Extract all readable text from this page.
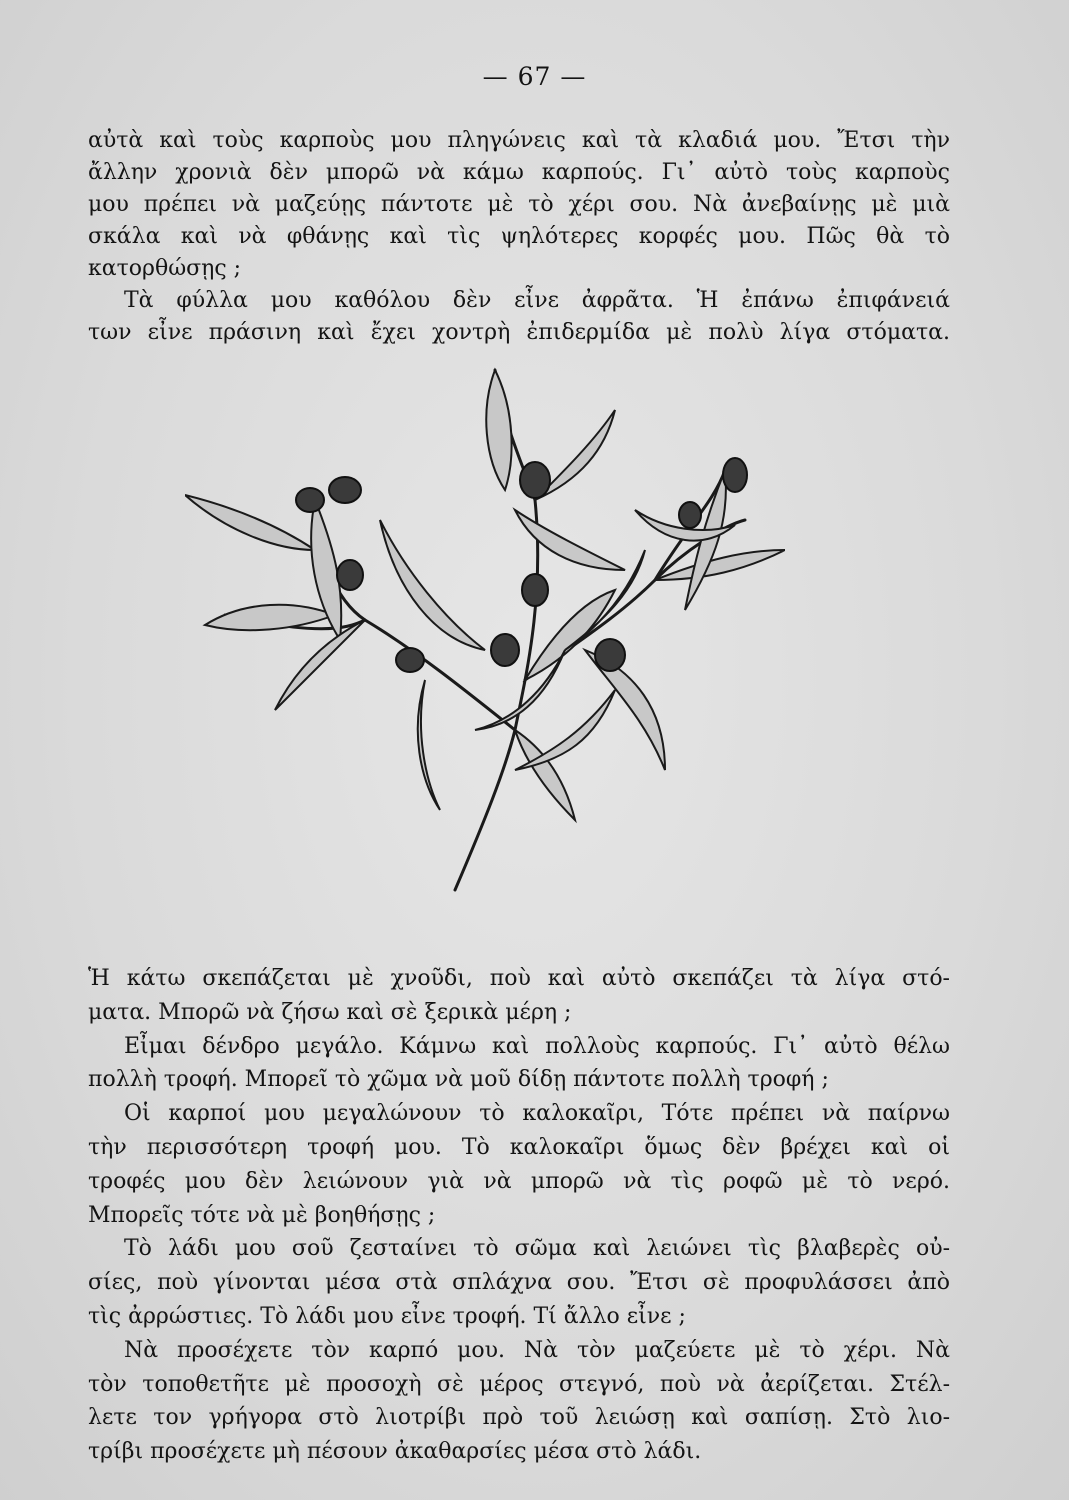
— 67 —
αὐτὰ καὶ τοὺς καρποὺς μου πληγώνεις καὶ τὰ κλαδιά μου. Ἔτσι τὴν
ἄλλην χρονιὰ δὲν μπορῶ νὰ κάμω καρπούς. Γι᾽ αὐτὸ τοὺς καρποὺς
μου πρέπει νὰ μαζεύῃς πάντοτε μὲ τὸ χέρι σου. Νὰ ἀνεβαίνῃς μὲ μιὰ
σκάλα καὶ νὰ φθάνῃς καὶ τὶς ψηλότερες κορφές μου. Πῶς θὰ τὸ
κατορθώσῃς ;
Τὰ φύλλα μου καθόλου δὲν εἶνε ἀφρᾶτα. Ἡ ἐπάνω ἐπιφάνειά
των εἶνε πράσινη καὶ ἔχει χοντρὴ ἐπιδερμίδα μὲ πολὺ λίγα στόματα.
Ἡ κάτω σκεπάζεται μὲ χνοῦδι, ποὺ καὶ αὐτὸ σκεπάζει τὰ λίγα στό-
ματα. Μπορῶ νὰ ζήσω καὶ σὲ ξερικὰ μέρη ;
Εἶμαι δένδρο μεγάλο. Κάμνω καὶ πολλοὺς καρπούς. Γι᾽ αὐτὸ θέλω
πολλὴ τροφή. Μπορεῖ τὸ χῶμα νὰ μοῦ δίδῃ πάντοτε πολλὴ τροφή ;
Οἱ καρποί μου μεγαλώνουν τὸ καλοκαῖρι, Τότε πρέπει νὰ παίρνω
τὴν περισσότερη τροφή μου. Τὸ καλοκαῖρι ὅμως δὲν βρέχει καὶ οἱ
τροφές μου δὲν λειώνουν γιὰ νὰ μπορῶ νὰ τὶς ροφῶ μὲ τὸ νερό.
Μπορεῖς τότε νὰ μὲ βοηθήσῃς ;
Τὸ λάδι μου σοῦ ζεσταίνει τὸ σῶμα καὶ λειώνει τὶς βλαβερὲς οὐ-
σίες, ποὺ γίνονται μέσα στὰ σπλάχνα σου. Ἔτσι σὲ προφυλάσσει ἀπὸ
τὶς ἀρρώστιες. Τὸ λάδι μου εἶνε τροφή. Τί ἄλλο εἶνε ;
Νὰ προσέχετε τὸν καρπό μου. Νὰ τὸν μαζεύετε μὲ τὸ χέρι. Νὰ
τὸν τοποθετῆτε μὲ προσοχὴ σὲ μέρος στεγνό, ποὺ νὰ ἀερίζεται. Στέλ-
λετε τον γρήγορα στὸ λιοτρίβι πρὸ τοῦ λειώσῃ καὶ σαπίσῃ. Στὸ λιο-
τρίβι προσέχετε μὴ πέσουν ἀκαθαρσίες μέσα στὸ λάδι.
